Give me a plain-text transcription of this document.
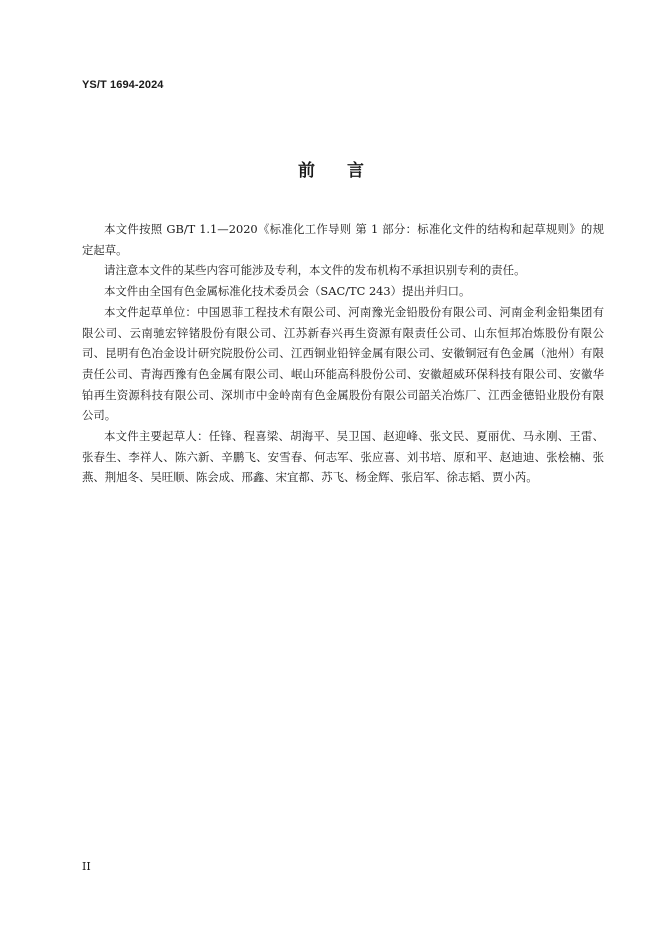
YS/T 1694-2024
前言

本文件按照 GB/T 1.1—2020《标准化工作导则 第 1 部分：标准化文件的结构和起草规则》的规定起草。

请注意本文件的某些内容可能涉及专利，本文件的发布机构不承担识别专利的责任。

本文件由全国有色金属标准化技术委员会（SAC/TC 243）提出并归口。

本文件起草单位：中国恩菲工程技术有限公司、河南豫光金铅股份有限公司、河南金利金铅集团有限公司、云南驰宏锌锗股份有限公司、江苏新春兴再生资源有限责任公司、山东恒邦冶炼股份有限公司、昆明有色冶金设计研究院股份公司、江西铜业铅锌金属有限公司、安徽铜冠有色金属（池州）有限责任公司、青海西豫有色金属有限公司、岷山环能高科股份公司、安徽超威环保科技有限公司、安徽华铂再生资源科技有限公司、深圳市中金岭南有色金属股份有限公司韶关冶炼厂、江西金德铅业股份有限公司。

本文件主要起草人：任锋、程喜梁、胡海平、吴卫国、赵迎峰、张文民、夏丽优、马永刚、王雷、张春生、李祥人、陈六新、辛鹏飞、安雪春、何志军、张应喜、刘书培、原和平、赵迪迪、张桧楠、张燕、荆旭冬、吴旺顺、陈会成、邢鑫、宋宜都、苏飞、杨金辉、张启军、徐志韬、贾小芮。

II
